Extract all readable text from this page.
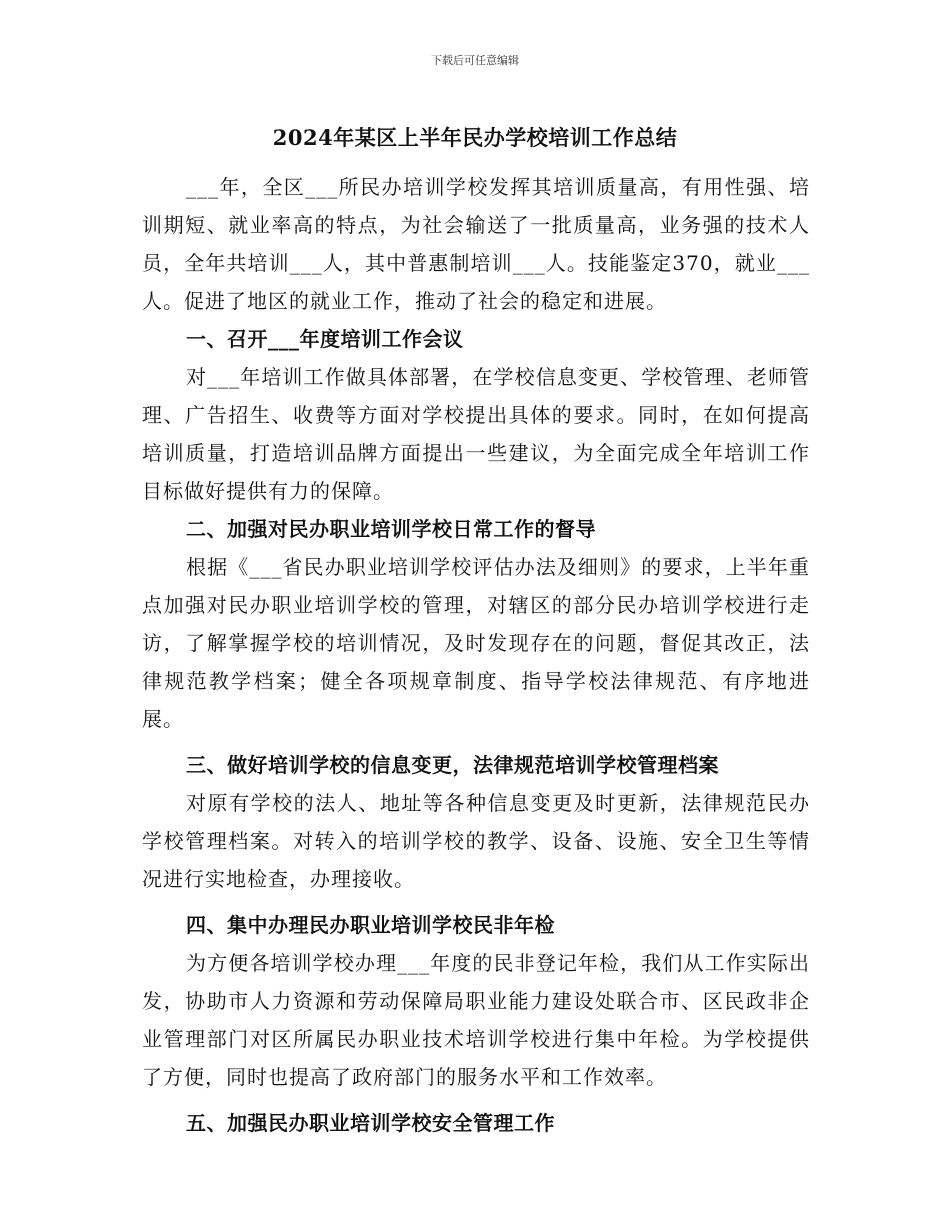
下载后可任意编辑
2024年某区上半年民办学校培训工作总结

___年，全区___所民办培训学校发挥其培训质量高，有用性强、培训期短、就业率高的特点，为社会输送了一批质量高，业务强的技术人员，全年共培训___人，其中普惠制培训___人。技能鉴定370，就业___人。促进了地区的就业工作，推动了社会的稳定和进展。

一、召开___年度培训工作会议

对___年培训工作做具体部署，在学校信息变更、学校管理、老师管理、广告招生、收费等方面对学校提出具体的要求。同时，在如何提高培训质量，打造培训品牌方面提出一些建议，为全面完成全年培训工作目标做好提供有力的保障。

二、加强对民办职业培训学校日常工作的督导

根据《___省民办职业培训学校评估办法及细则》的要求，上半年重点加强对民办职业培训学校的管理，对辖区的部分民办培训学校进行走访，了解掌握学校的培训情况，及时发现存在的问题，督促其改正，法律规范教学档案；健全各项规章制度、指导学校法律规范、有序地进展。

三、做好培训学校的信息变更，法律规范培训学校管理档案

对原有学校的法人、地址等各种信息变更及时更新，法律规范民办学校管理档案。对转入的培训学校的教学、设备、设施、安全卫生等情况进行实地检查，办理接收。

四、集中办理民办职业培训学校民非年检

为方便各培训学校办理___年度的民非登记年检，我们从工作实际出发，协助市人力资源和劳动保障局职业能力建设处联合市、区民政非企业管理部门对区所属民办职业技术培训学校进行集中年检。为学校提供了方便，同时也提高了政府部门的服务水平和工作效率。

五、加强民办职业培训学校安全管理工作
